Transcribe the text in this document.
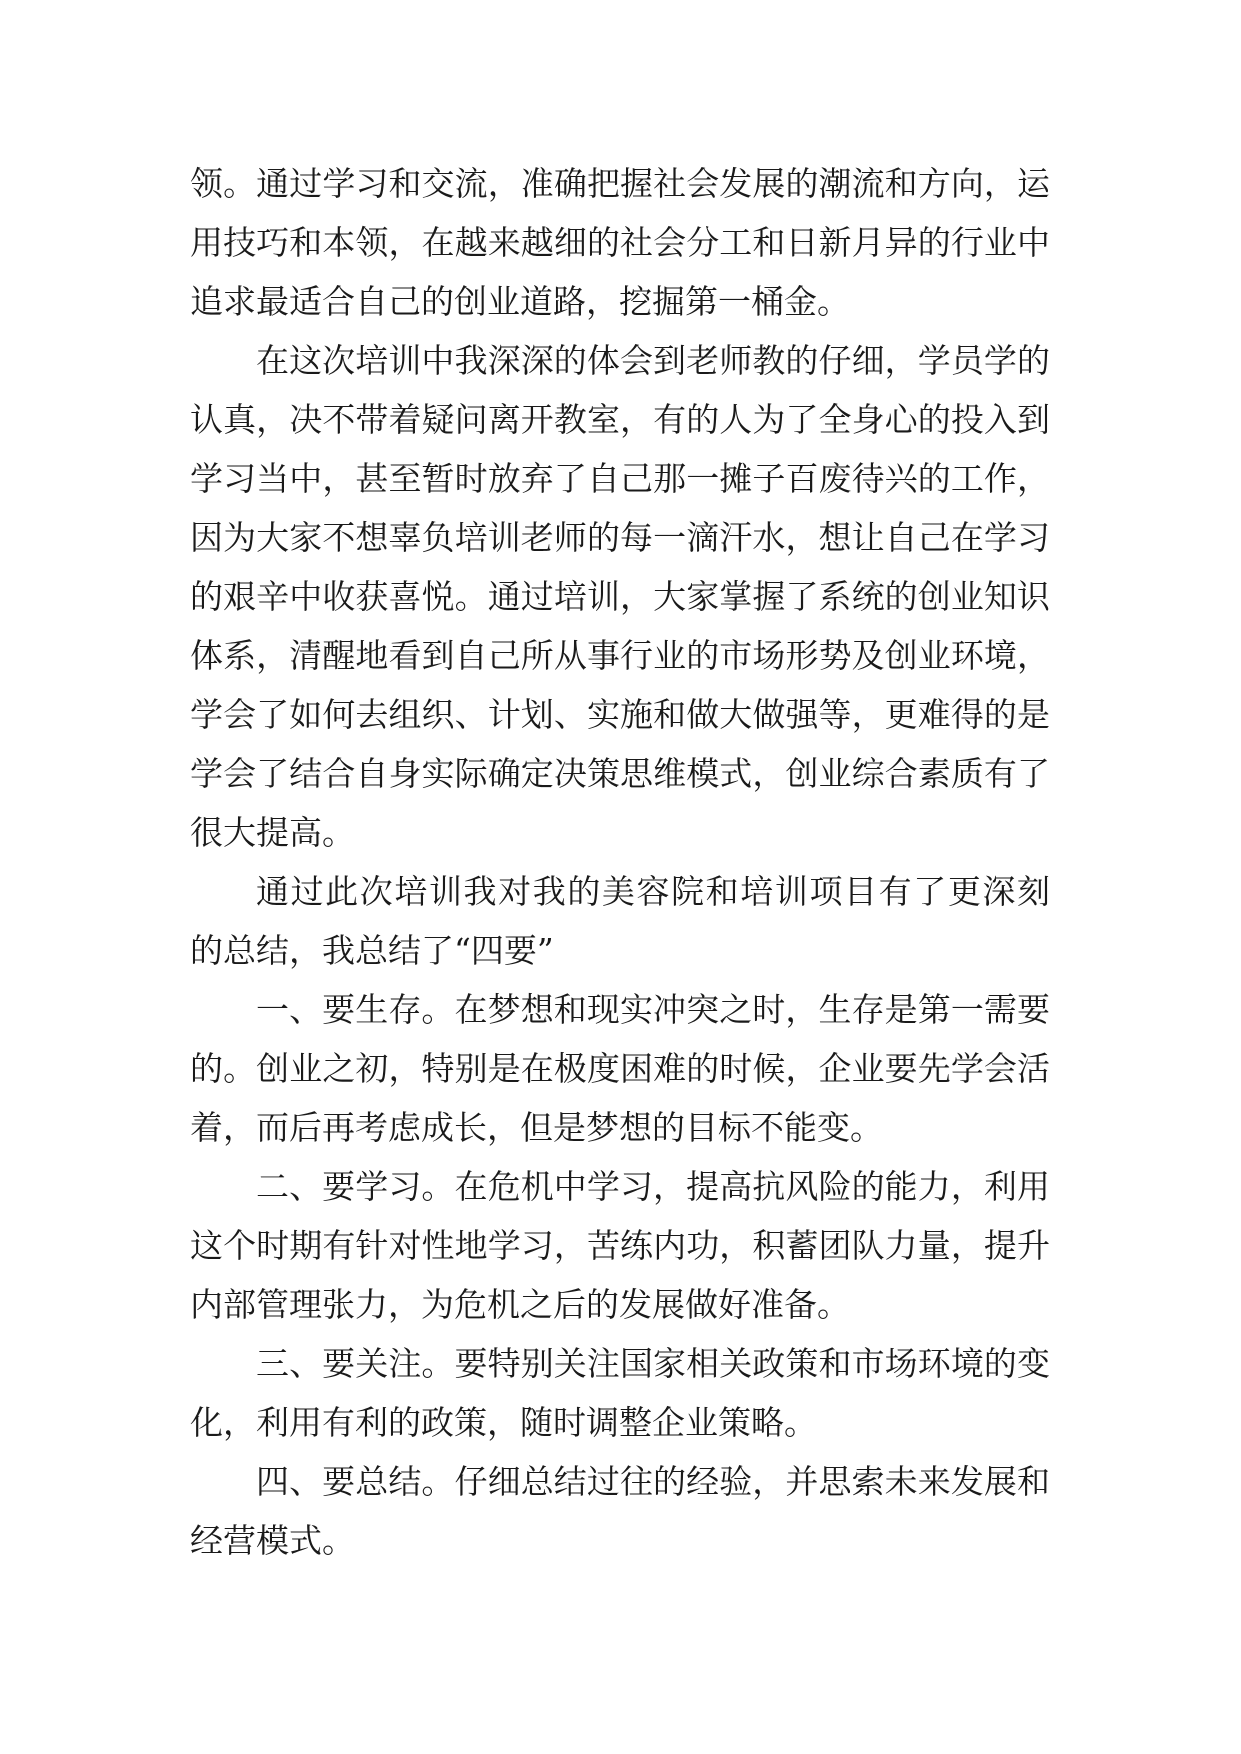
领。通过学习和交流，准确把握社会发展的潮流和方向，运
用技巧和本领，在越来越细的社会分工和日新月异的行业中
追求最适合自己的创业道路，挖掘第一桶金。
在这次培训中我深深的体会到老师教的仔细，学员学的
认真，决不带着疑问离开教室，有的人为了全身心的投入到
学习当中，甚至暂时放弃了自己那一摊子百废待兴的工作，
因为大家不想辜负培训老师的每一滴汗水，想让自己在学习
的艰辛中收获喜悦。通过培训，大家掌握了系统的创业知识
体系，清醒地看到自己所从事行业的市场形势及创业环境，
学会了如何去组织、计划、实施和做大做强等，更难得的是
学会了结合自身实际确定决策思维模式，创业综合素质有了
很大提高。
通过此次培训我对我的美容院和培训项目有了更深刻
的总结，我总结了“四要”
一、要生存。在梦想和现实冲突之时，生存是第一需要
的。创业之初，特别是在极度困难的时候，企业要先学会活
着，而后再考虑成长，但是梦想的目标不能变。
二、要学习。在危机中学习，提高抗风险的能力，利用
这个时期有针对性地学习，苦练内功，积蓄团队力量，提升
内部管理张力，为危机之后的发展做好准备。
三、要关注。要特别关注国家相关政策和市场环境的变
化，利用有利的政策，随时调整企业策略。
四、要总结。仔细总结过往的经验，并思索未来发展和
经营模式。
